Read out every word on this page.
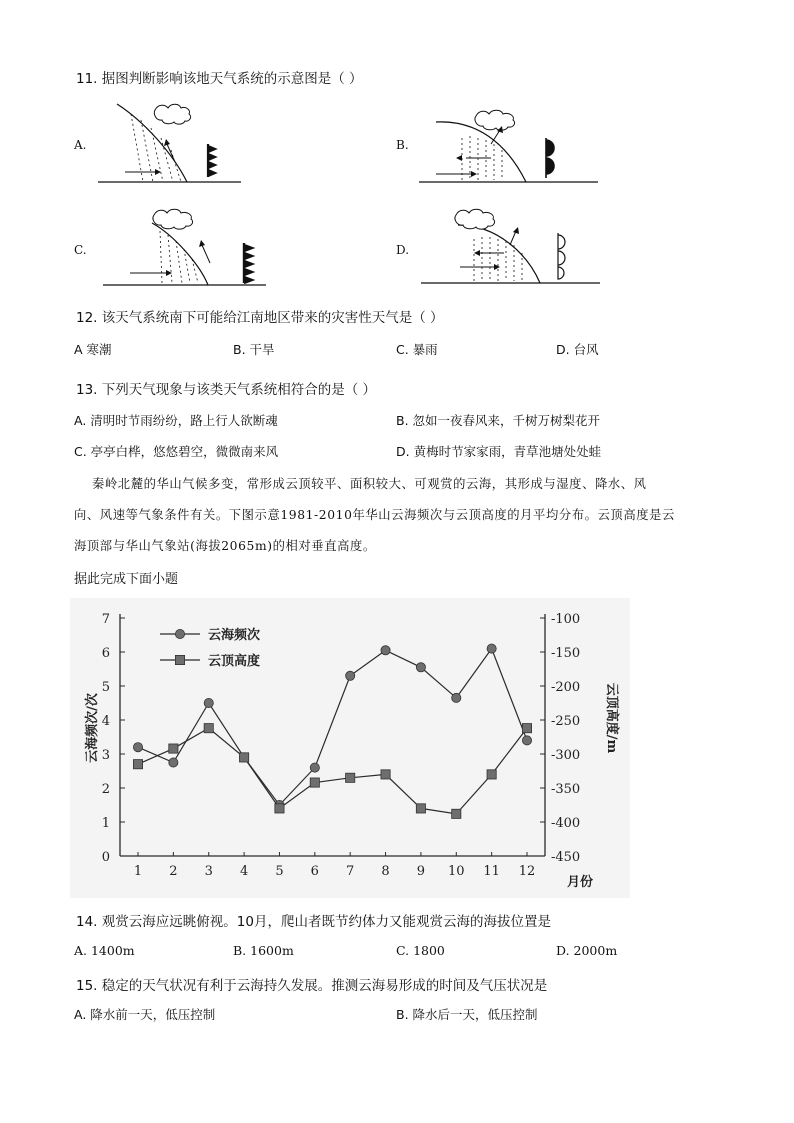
11. 据图判断影响该地天气系统的示意图是（ ）
A.	B.
C.	D.
12. 该天气系统南下可能给江南地区带来的灾害性天气是（ ）
A 寒潮	B. 干旱	C. 暴雨	D. 台风
13. 下列天气现象与该类天气系统相符合的是（ ）
A. 清明时节雨纷纷，路上行人欲断魂	B. 忽如一夜春风来，千树万树梨花开
C. 亭亭白桦，悠悠碧空，微微南来风	D. 黄梅时节家家雨，青草池塘处处蛙
秦岭北麓的华山气候多变，常形成云顶较平、面积较大、可观赏的云海，其形成与湿度、降水、风
向、风速等气象条件有关。下图示意1981-2010年华山云海频次与云顶高度的月平均分布。云顶高度是云
海顶部与华山气象站(海拔2065m)的相对垂直高度。
据此完成下面小题
0
1
2
3
4
5
6
7
-450
-400
-350
-300
-250
-200
-150
-100
1 2 3 4 5 6 7 8 9 10 11 12
云海频次
云顶高度
云海频次/次	云顶高度/m
月份
14. 观赏云海应远眺俯视。10月，爬山者既节约体力又能观赏云海的海拔位置是
A. 1400m	B. 1600m	C. 1800	D. 2000m
15. 稳定的天气状况有利于云海持久发展。推测云海易形成的时间及气压状况是
A. 降水前一天，低压控制	B. 降水后一天，低压控制
